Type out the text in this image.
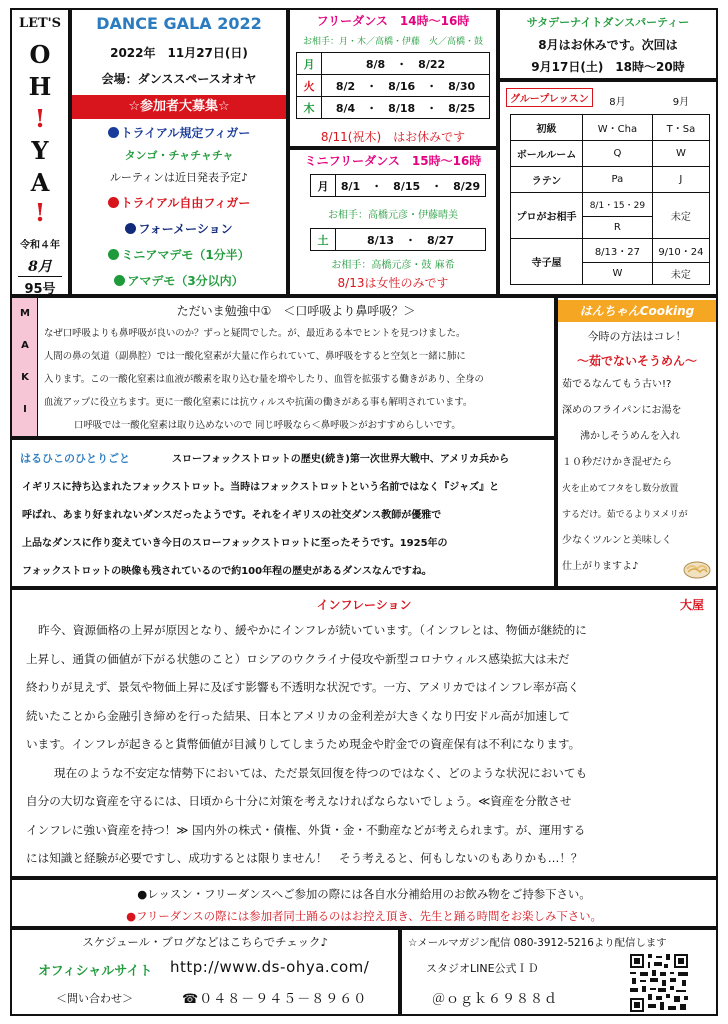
LET'S
O
H
!
Y
A
!
令和４年
8月
95号
DANCE GALA 2022
2022年　11月27日(日)
会場：ダンススペースオオヤ
☆参加者大募集☆
トライアル規定フィガー
タンゴ・チャチャチャ
ルーティンは近日発表予定♪
トライアル自由フィガー
フォーメーション
ミニアマデモ（1分半）
アマデモ（3分以内）
フリーダンス　14時～16時
お相手：月・木／高橋・伊藤　火／高橋・鼓
月	8/8　・　8/22
火	8/2　・　8/16　・　8/30
木	8/4　・　8/18　・　8/25
8/11(祝木)　はお休みです
ミニフリーダンス　15時～16時
月	8/1　・　8/15　・　8/29
お相手：高橋元彦・伊藤晴美
土	8/13　・　8/27
お相手：高橋元彦・鼓 麻希
8/13は女性のみです
サタデーナイトダンスパーティー
8月はお休みです。次回は
9月17日(土)　18時～20時
グループレッスン
		8月	9月
初級	W・Cha	T・Sa
ボールルーム	Q	W
ラテン	Pa	J
プロがお相手	8/1・15・29	未定
	R	
寺子屋	8/13・27	9/10・24
	W	未定
M
A
K
I
ただいま勉強中①　＜口呼吸より鼻呼吸？＞
なぜ口呼吸よりも鼻呼吸が良いのか？ずっと疑問でした。が、最近ある本でヒントを見つけました。
人間の鼻の気道（副鼻腔）では一酸化窒素が大量に作られていて、鼻呼吸をすると空気と一緒に肺に
入ります。この一酸化窒素は血液が酸素を取り込む量を増やしたり、血管を拡張する働きがあり、全身の
血流アップに役立ちます。更に一酸化窒素には抗ウィルスや抗菌の働きがある事も解明されています。
口呼吸では一酸化窒素は取り込めないので 同じ呼吸なら＜鼻呼吸＞がおすすめらしいです。
はるひこのひとりごと	スローフォックストロットの歴史(続き)第一次世界大戦中、アメリカ兵から
イギリスに持ち込まれたフォックストロット。当時はフォックストロットという名前ではなく『ジャズ』と
呼ばれ、あまり好まれないダンスだったようです。それをイギリスの社交ダンス教師が優雅で
上品なダンスに作り変えていき今日のスローフォックストロットに至ったそうです。1925年の
フォックストロットの映像も残されているので約100年程の歴史があるダンスなんですね。
はんちゃんCooking
今時の方法はコレ！
～茹でないそうめん～
茹でるなんてもう古い!?
深めのフライパンにお湯を
沸かしそうめんを入れ
１０秒だけかき混ぜたら
火を止めてフタをし数分放置
するだけ。茹でるよりヌメリが
少なくツルンと美味しく
仕上がりますよ♪
インフレーション	大屋
昨今、資源価格の上昇が原因となり、緩やかにインフレが続いています。（インフレとは、物価が継続的に
上昇し、通貨の価値が下がる状態のこと）ロシアのウクライナ侵攻や新型コロナウィルス感染拡大は未だ
終わりが見えず、景気や物価上昇に及ぼす影響も不透明な状況です。一方、アメリカではインフレ率が高く
続いたことから金融引き締めを行った結果、日本とアメリカの金利差が大きくなり円安ドル高が加速して
います。インフレが起きると貨幣価値が目減りしてしまうため現金や貯金での資産保有は不利になります。
現在のような不安定な情勢下においては、ただ景気回復を待つのではなく、どのような状況においても
自分の大切な資産を守るには、日頃から十分に対策を考えなければならないでしょう。≪資産を分散させ
インフレに強い資産を持つ！≫ 国内外の株式・債権、外貨・金・不動産などが考えられます。が、運用する
には知識と経験が必要ですし、成功するとは限りません！　そう考えると、何もしないのもありかも…！？
●レッスン・フリーダンスへご参加の際には各自水分補給用のお飲み物をご持参下さい。
●フリーダンスの際には参加者同士踊るのはお控え頂き、先生と踊る時間をお楽しみ下さい。
スケジュール・ブログなどはこちらでチェック♪
オフィシャルサイト http://www.ds-ohya.com/
＜問い合わせ＞	☎０４８－９４５－８９６０
☆メールマガジン配信 080-3912-5216より配信します
スタジオLINE公式ＩＤ
＠ｏｇｋ６９８８ｄ
